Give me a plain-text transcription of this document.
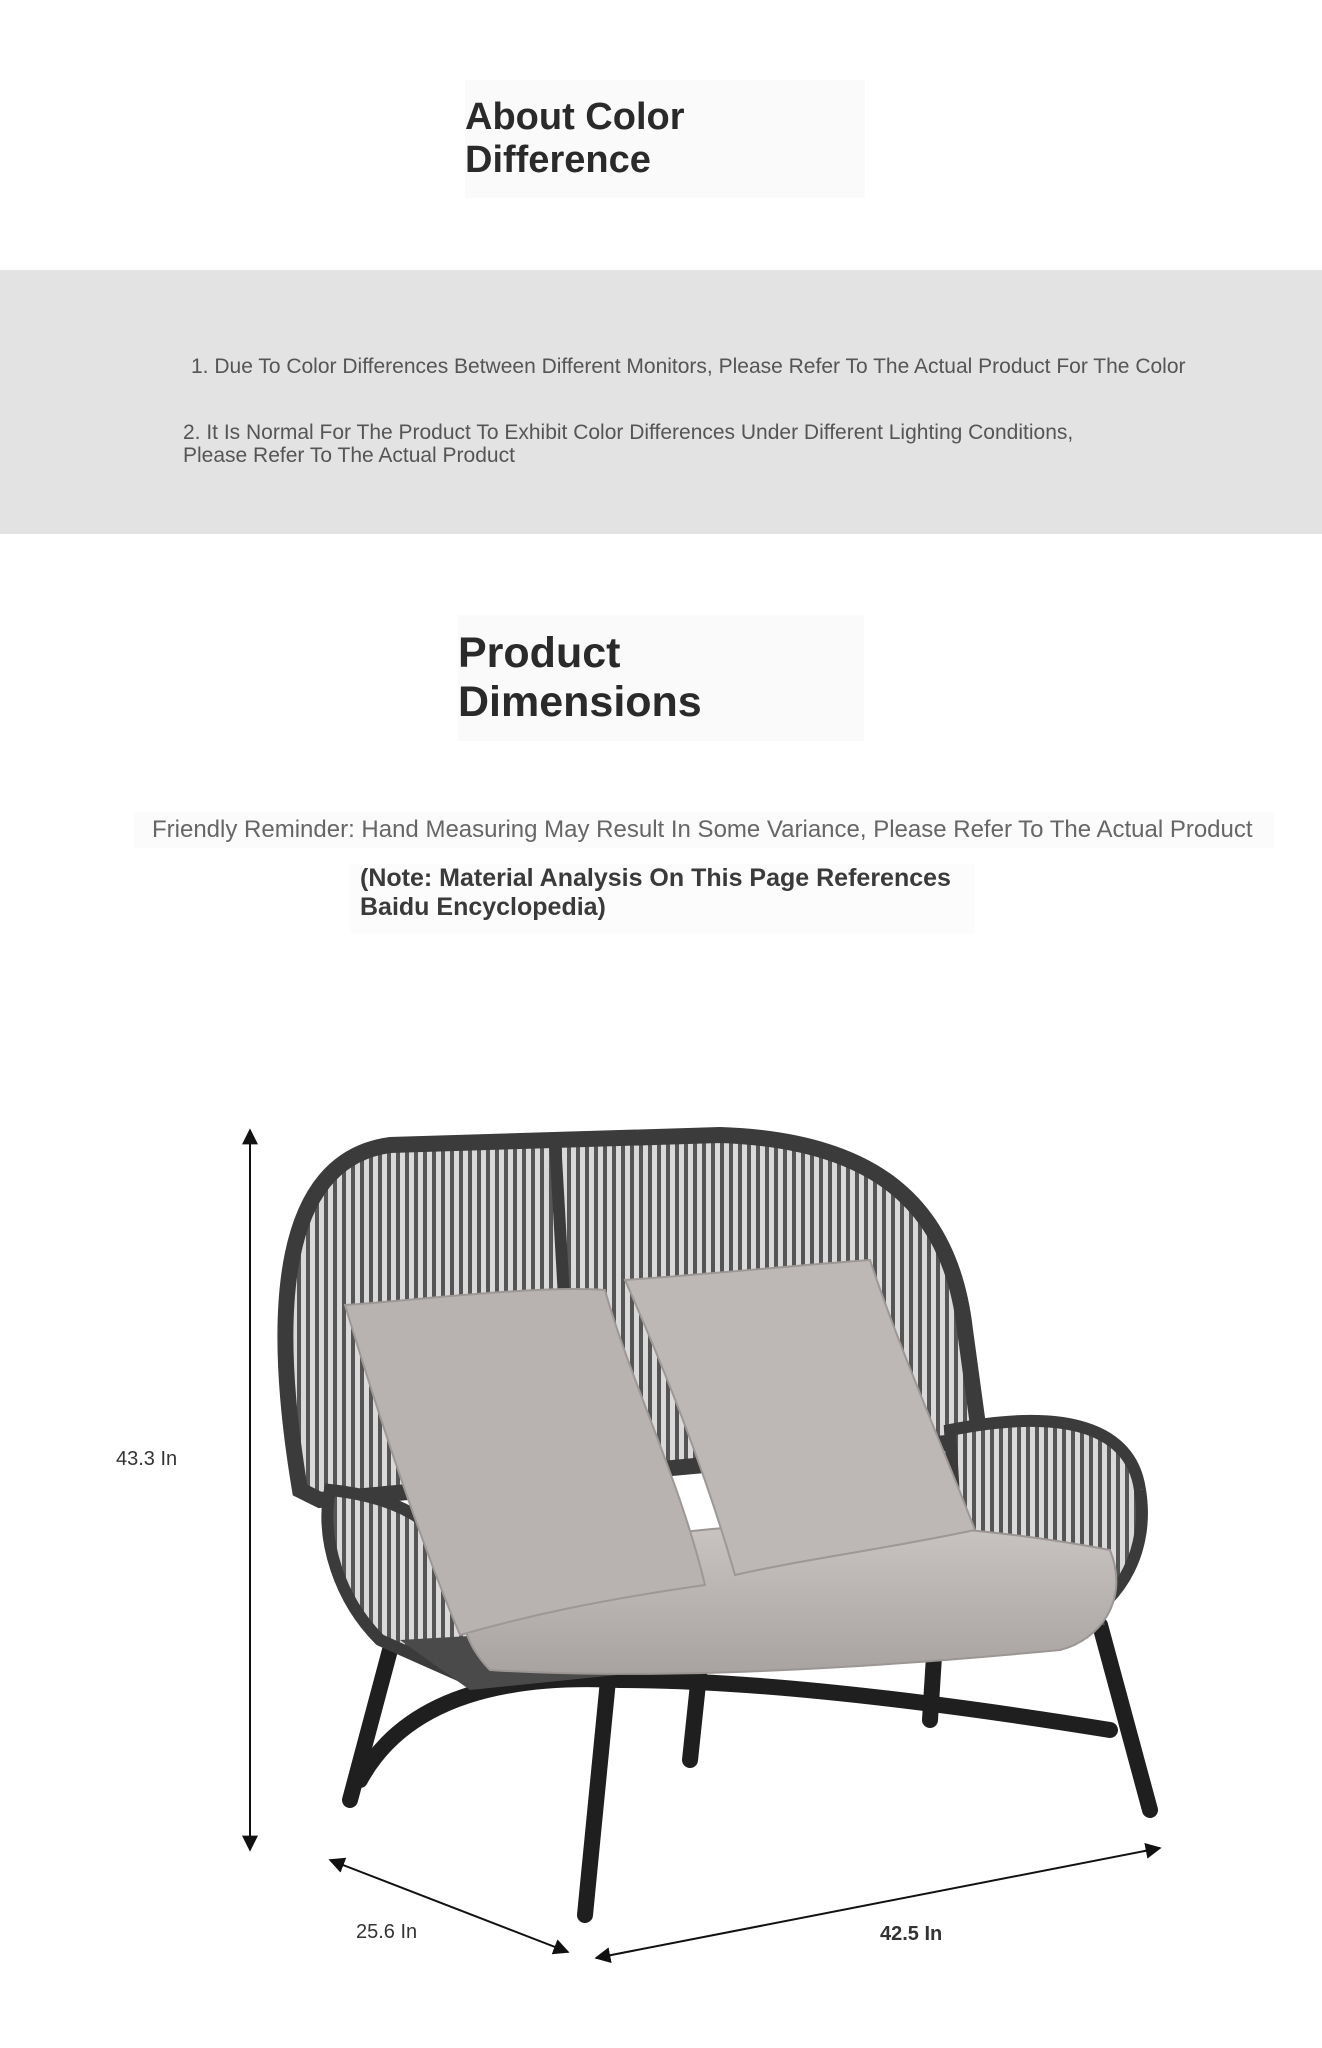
About Color Difference
1. Due To Color Differences Between Different Monitors, Please Refer To The Actual Product For The Color
2. It Is Normal For The Product To Exhibit Color Differences Under Different Lighting Conditions, Please Refer To The Actual Product
Product Dimensions
Friendly Reminder: Hand Measuring May Result In Some Variance, Please Refer To The Actual Product
(Note: Material Analysis On This Page References Baidu Encyclopedia)
43.3 In
25.6 In	42.5 In
